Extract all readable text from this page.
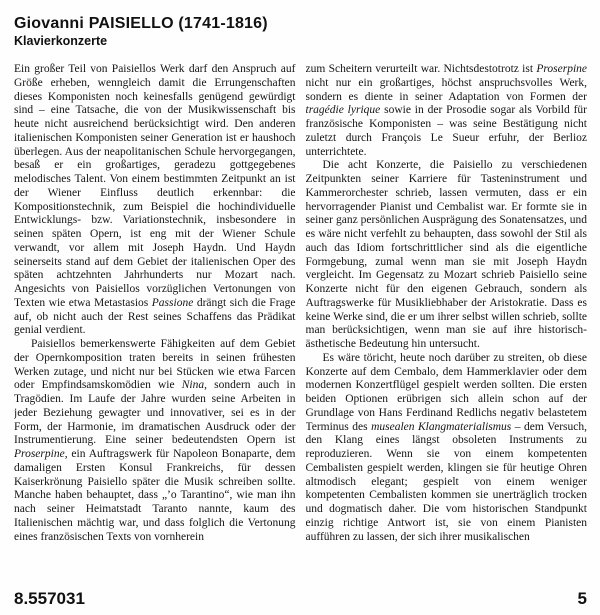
Giovanni PAISIELLO (1741-1816)
Klavierkonzerte

Ein großer Teil von Paisiellos Werk darf den Anspruch auf Größe erheben, wenngleich damit die Errungenschaften dieses Komponisten noch keinesfalls genügend gewürdigt sind – eine Tatsache, die von der Musikwissenschaft bis heute nicht ausreichend berücksichtigt wird. Den anderen italienischen Komponisten seiner Generation ist er haushoch überlegen. Aus der neapolitanischen Schule hervorgegangen, besaß er ein großartiges, geradezu gottgegebenes melodisches Talent. Von einem bestimmten Zeitpunkt an ist der Wiener Einfluss deutlich erkennbar: die Kompositionstechnik, zum Beispiel die hochindividuelle Entwicklungs- bzw. Variationstechnik, insbesondere in seinen späten Opern, ist eng mit der Wiener Schule verwandt, vor allem mit Joseph Haydn. Und Haydn seinerseits stand auf dem Gebiet der italienischen Oper des späten achtzehnten Jahrhunderts nur Mozart nach. Angesichts von Paisiellos vorzüglichen Vertonungen von Texten wie etwa Metastasios Passione drängt sich die Frage auf, ob nicht auch der Rest seines Schaffens das Prädikat genial verdient.

Paisiellos bemerkenswerte Fähigkeiten auf dem Gebiet der Opernkomposition traten bereits in seinen frühesten Werken zutage, und nicht nur bei Stücken wie etwa Farcen oder Empfindsamskomödien wie Nina, sondern auch in Tragödien. Im Laufe der Jahre wurden seine Arbeiten in jeder Beziehung gewagter und innovativer, sei es in der Form, der Harmonie, im dramatischen Ausdruck oder der Instrumentierung. Eine seiner bedeutendsten Opern ist Proserpine, ein Auftragswerk für Napoleon Bonaparte, dem damaligen Ersten Konsul Frankreichs, für dessen Kaiserkrönung Paisiello später die Musik schreiben sollte. Manche haben behauptet, dass „’o Tarantino“, wie man ihn nach seiner Heimatstadt Taranto nannte, kaum des Italienischen mächtig war, und dass folglich die Vertonung eines französischen Texts von vornherein

zum Scheitern verurteilt war. Nichtsdestotrotz ist Proserpine nicht nur ein großartiges, höchst anspruchsvolles Werk, sondern es diente in seiner Adaptation von Formen der tragédie lyrique sowie in der Prosodie sogar als Vorbild für französische Komponisten – was seine Bestätigung nicht zuletzt durch François Le Sueur erfuhr, der Berlioz unterrichtete.

Die acht Konzerte, die Paisiello zu verschiedenen Zeitpunkten seiner Karriere für Tasteninstrument und Kammerorchester schrieb, lassen vermuten, dass er ein hervorragender Pianist und Cembalist war. Er formte sie in seiner ganz persönlichen Ausprägung des Sonatensatzes, und es wäre nicht verfehlt zu behaupten, dass sowohl der Stil als auch das Idiom fortschrittlicher sind als die eigentliche Formgebung, zumal wenn man sie mit Joseph Haydn vergleicht. Im Gegensatz zu Mozart schrieb Paisiello seine Konzerte nicht für den eigenen Gebrauch, sondern als Auftragswerke für Musikliebhaber der Aristokratie. Dass es keine Werke sind, die er um ihrer selbst willen schrieb, sollte man berücksichtigen, wenn man sie auf ihre historisch-ästhetische Bedeutung hin untersucht.

Es wäre töricht, heute noch darüber zu streiten, ob diese Konzerte auf dem Cembalo, dem Hammerklavier oder dem modernen Konzertflügel gespielt werden sollten. Die ersten beiden Optionen erübrigen sich allein schon auf der Grundlage von Hans Ferdinand Redlichs negativ belastetem Terminus des musealen Klangmaterialismus – dem Versuch, den Klang eines längst obsoleten Instruments zu reproduzieren. Wenn sie von einem kompetenten Cembalisten gespielt werden, klingen sie für heutige Ohren altmodisch elegant; gespielt von einem weniger kompetenten Cembalisten kommen sie unerträglich trocken und dogmatisch daher. Die vom historischen Standpunkt einzig richtige Antwort ist, sie von einem Pianisten aufführen zu lassen, der sich ihrer musikalischen

8.557031	5
